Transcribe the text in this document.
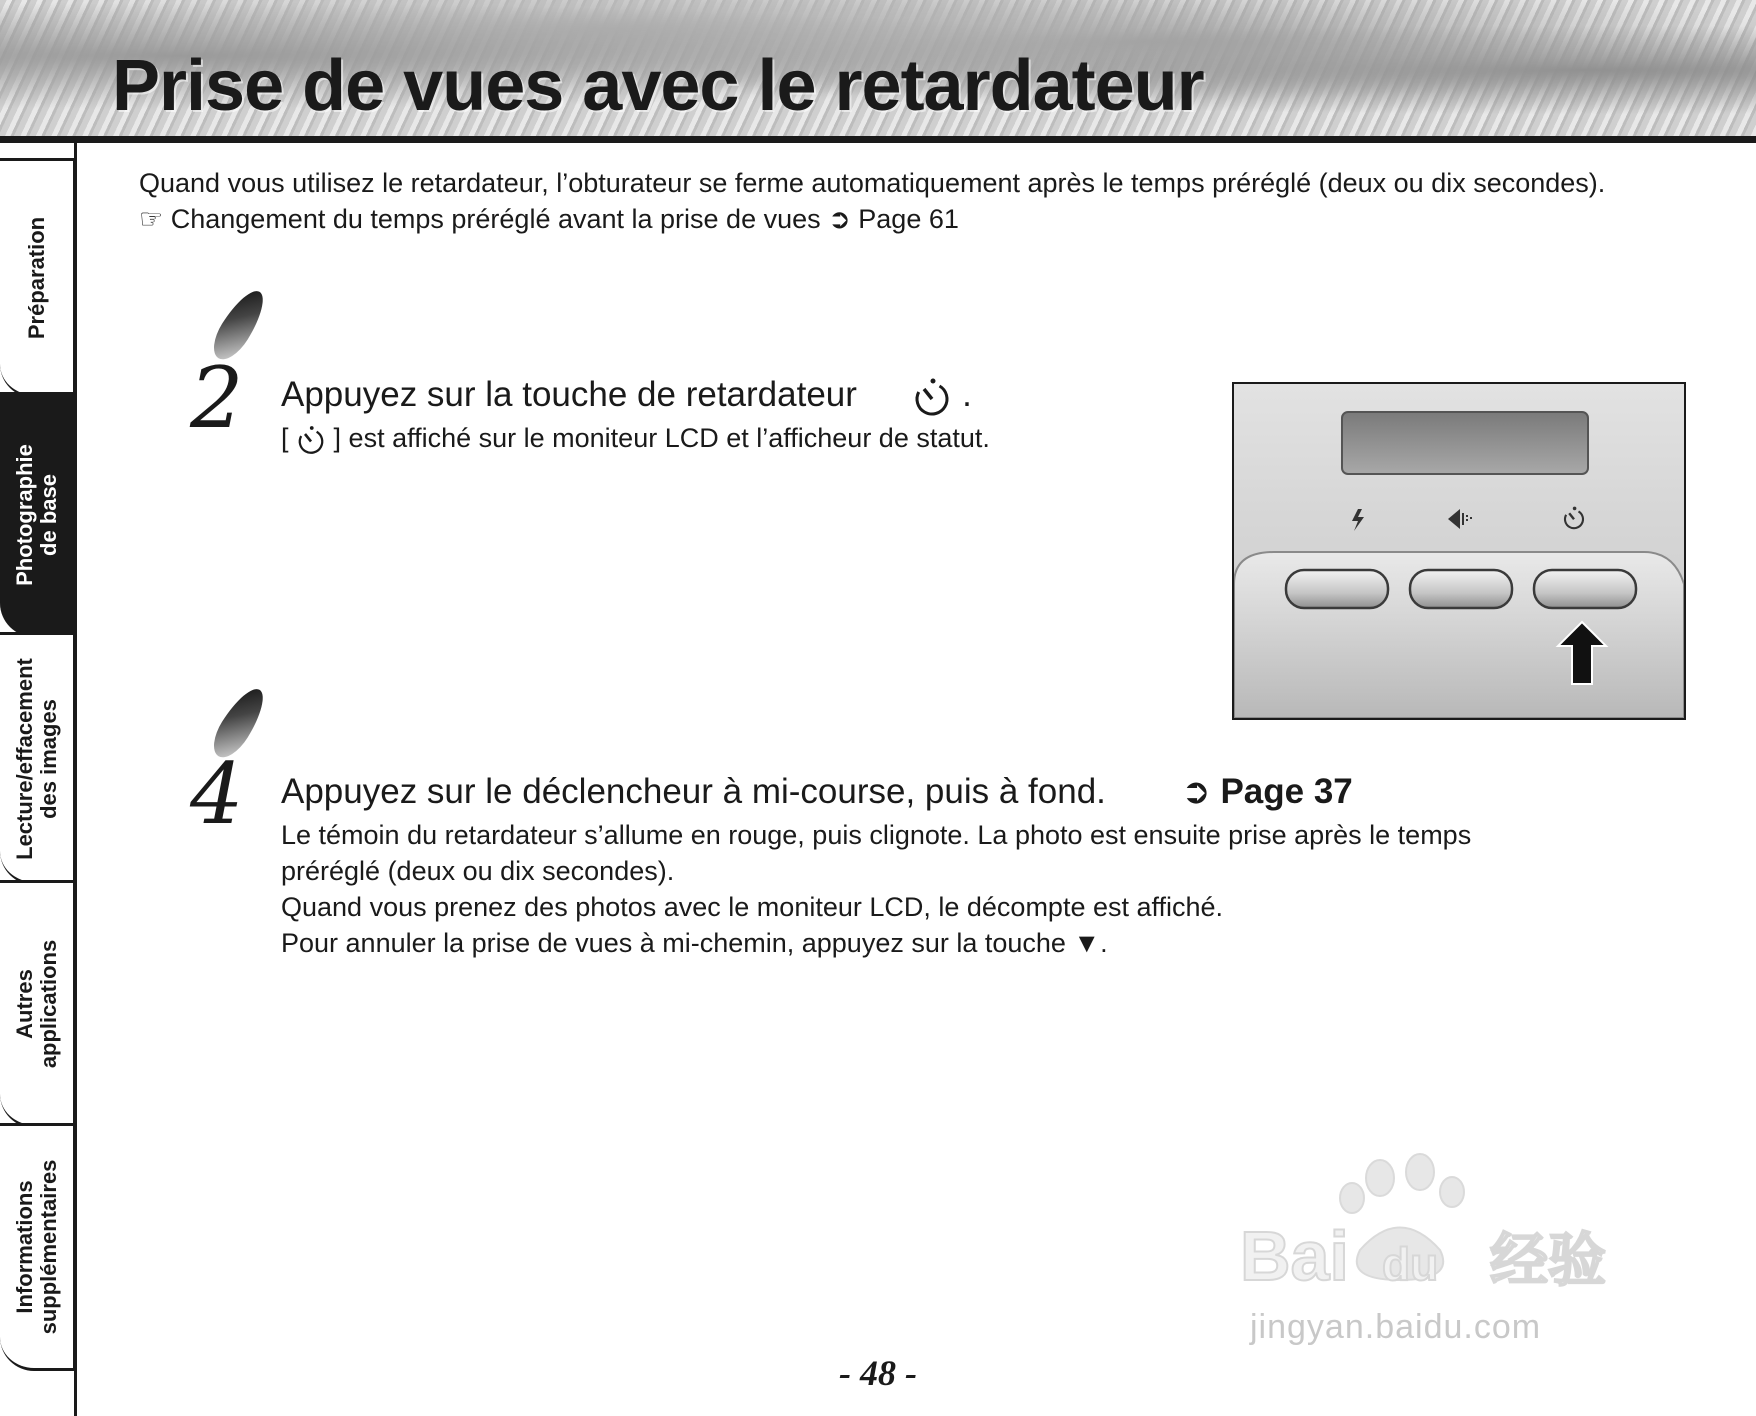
Prise de vues avec le retardateur
Préparation
Photographie
de base
Lecture/effacement
des images
Autres
applications
Informations
supplémentaires
Quand vous utilisez le retardateur, l’obturateur se ferme automatiquement après le temps préréglé (deux ou dix secondes).
☞ Changement du temps préréglé avant la prise de vues ➲ Page 61
2 Appuyez sur la touche de retardateur	.
[ ] est affiché sur le moniteur LCD et l’afficheur de statut.
4 Appuyez sur le déclencheur à mi-course, puis à fond. ➲ Page 37
Le témoin du retardateur s’allume en rouge, puis clignote. La photo est ensuite prise après le temps
préréglé (deux ou dix secondes).
Quand vous prenez des photos avec le moniteur LCD, le décompte est affiché.
Pour annuler la prise de vues à mi-chemin, appuyez sur la touche ▼.
Bai du 经验
jingyan.baidu.com
- 48 -
